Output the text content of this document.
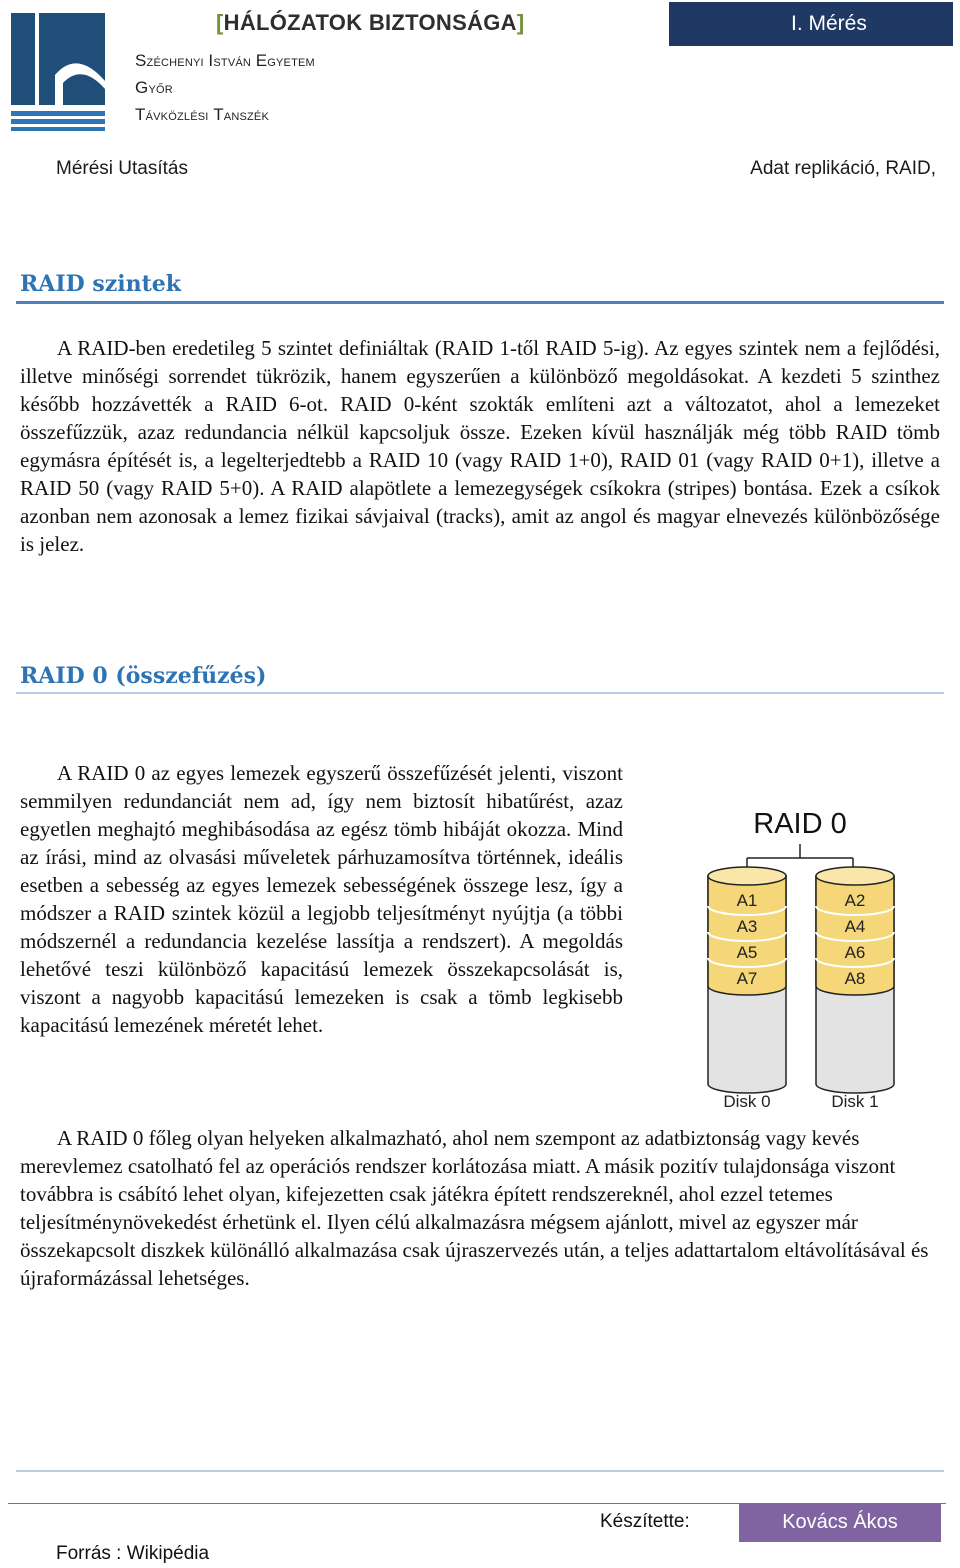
[HÁLÓZATOK BIZTONSÁGA]	I. Mérés
Széchenyi István Egyetem
Győr
Távközlési Tanszék
Mérési Utasítás	Adat replikáció, RAID,
RAID szintek
A RAID-ben eredetileg 5 szintet definiáltak (RAID 1-től RAID 5-ig). Az egyes szintek nem a fejlődési, illetve minőségi sorrendet tükrözik, hanem egyszerűen a különböző megoldásokat. A kezdeti 5 szinthez később hozzávették a RAID 6-ot. RAID 0-ként szokták említeni azt a változatot, ahol a lemezeket összefűzzük, azaz redundancia nélkül kapcsoljuk össze. Ezeken kívül használják még több RAID tömb egymásra építését is, a legelterjedtebb a RAID 10 (vagy RAID 1+0), RAID 01 (vagy RAID 0+1), illetve a RAID 50 (vagy RAID 5+0). A RAID alapötlete a lemezegységek csíkokra (stripes) bontása. Ezek a csíkok azonban nem azonosak a lemez fizikai sávjaival (tracks), amit az angol és magyar elnevezés különbözősége is jelez.
RAID 0 (összefűzés)
A RAID 0 az egyes lemezek egyszerű összefűzését jelenti, viszont semmilyen redundanciát nem ad, így nem biztosít hibatűrést, azaz egyetlen meghajtó meghibásodása az egész tömb hibáját okozza. Mind az írási, mind az olvasási műveletek párhuzamosítva történnek, ideális esetben a sebesség az egyes lemezek sebességének összege lesz, így a módszer a RAID szintek közül a legjobb teljesítményt nyújtja (a többi módszernél a redundancia kezelése lassítja a rendszert). A megoldás lehetővé teszi különböző kapacitású lemezek összekapcsolását is, viszont a nagyobb kapacitású lemezeken is csak a tömb legkisebb kapacitású lemezének méretét lehet.
RAID 0
A1
A3
A5
A7
A2
A4
A6
A8
Disk 0	Disk 1
A RAID 0 főleg olyan helyeken alkalmazható, ahol nem szempont az adatbiztonság vagy kevés merevlemez csatolható fel az operációs rendszer korlátozása miatt. A másik pozitív tulajdonsága viszont továbbra is csábító lehet olyan, kifejezetten csak játékra épített rendszereknél, ahol ezzel tetemes teljesítménynövekedést érhetünk el. Ilyen célú alkalmazásra mégsem ajánlott, mivel az egyszer már összekapcsolt diszkek különálló alkalmazása csak újraszervezés után, a teljes adattartalom eltávolításával és újraformázással lehetséges.
Készítette:	Kovács Ákos
Forrás : Wikipédia
